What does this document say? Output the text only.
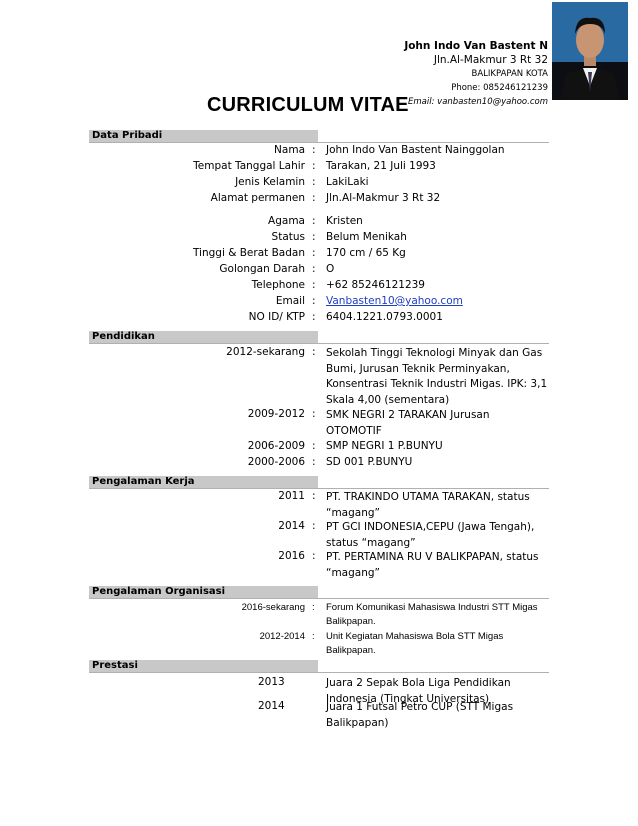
John Indo Van Bastent N
Jln.Al-Makmur 3 Rt 32
BALIKPAPAN KOTA
Phone: 085246121239
Email: vanbasten10@yahoo.com
CURRICULUM VITAE
Data Pribadi
Nama : John Indo Van Bastent Nainggolan
Tempat Tanggal Lahir : Tarakan, 21 Juli 1993
Jenis Kelamin : LakiLaki
Alamat permanen : Jln.Al-Makmur 3 Rt 32
Agama : Kristen
Status : Belum Menikah
Tinggi & Berat Badan : 170 cm / 65 Kg
Golongan Darah : O
Telephone : +62 85246121239
Email : Vanbasten10@yahoo.com
NO ID/ KTP : 6404.1221.0793.0001
Pendidikan
2012-sekarang : Sekolah Tinggi Teknologi Minyak dan Gas Bumi, Jurusan Teknik Perminyakan, Konsentrasi Teknik Industri Migas. IPK: 3,1 Skala 4,00 (sementara)
2009-2012 : SMK NEGRI 2 TARAKAN Jurusan OTOMOTIF
2006-2009 : SMP NEGRI 1 P.BUNYU
2000-2006 : SD 001 P.BUNYU
Pengalaman Kerja
2011 : PT. TRAKINDO UTAMA TARAKAN, status “magang”
2014 : PT GCI INDONESIA,CEPU (Jawa Tengah), status “magang”
2016 : PT. PERTAMINA RU V BALIKPAPAN, status “magang”
Pengalaman Organisasi
2016-sekarang : Forum Komunikasi Mahasiswa Industri STT Migas Balikpapan.
2012-2014 : Unit Kegiatan Mahasiswa Bola STT Migas Balikpapan.
Prestasi
2013	Juara 2 Sepak Bola Liga Pendidikan Indonesia (Tingkat Universitas)
2014	Juara 1 Futsal Petro CUP (STT Migas Balikpapan)
